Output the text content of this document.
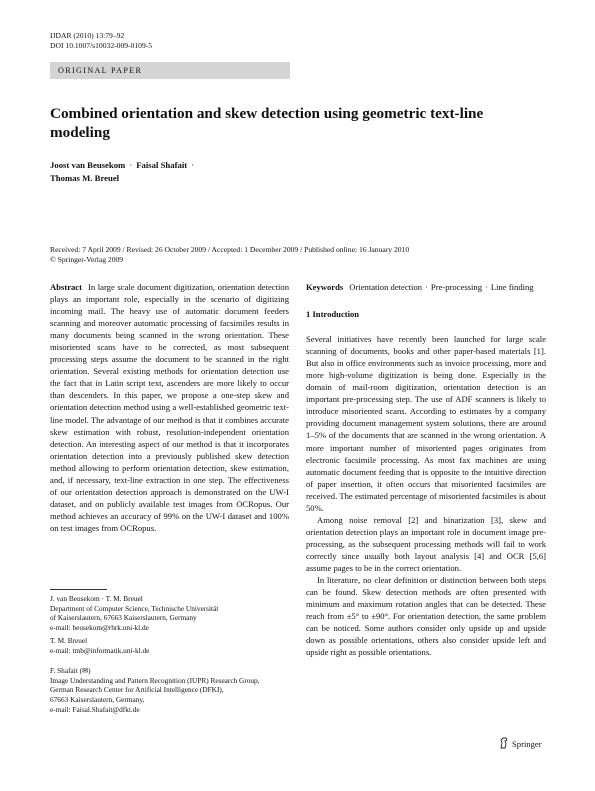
IJDAR (2010) 13:79–92
DOI 10.1007/s10032-009-0109-5
ORIGINAL PAPER
Combined orientation and skew detection using geometric text-line modeling
Joost van Beusekom · Faisal Shafait ·
Thomas M. Breuel
Received: 7 April 2009 / Revised: 26 October 2009 / Accepted: 1 December 2009 / Published online: 16 January 2010
© Springer-Verlag 2009

Abstract In large scale document digitization, orientation detection plays an important role, especially in the scenario of digitizing incoming mail. The heavy use of automatic document feeders scanning and moreover automatic processing of facsimiles results in many documents being scanned in the wrong orientation. These misoriented scans have to be corrected, as most subsequent processing steps assume the document to be scanned in the right orientation. Several existing methods for orientation detection use the fact that in Latin script text, ascenders are more likely to occur than descenders. In this paper, we propose a one-step skew and orientation detection method using a well-established geometric text-line model. The advantage of our method is that it combines accurate skew estimation with robust, resolution-independent orientation detection. An interesting aspect of our method is that it incorporates orientation detection into a previously published skew detection method allowing to perform orientation detection, skew estimation, and, if necessary, text-line extraction in one step. The effectiveness of our orientation detection approach is demonstrated on the UW-I dataset, and on publicly available test images from OCRopus. Our method achieves an accuracy of 99% on the UW-I dataset and 100% on test images from OCRopus.

Keywords Orientation detection · Pre-processing · Line finding

1 Introduction

Several initiatives have recently been launched for large scale scanning of documents, books and other paper-based materials [1]. But also in office environments such as invoice processing, more and more high-volume digitization is being done. Especially in the domain of mail-room digitization, orientation detection is an important pre-processing step. The use of ADF scanners is likely to introduce misoriented scans. According to estimates by a company providing document management system solutions, there are around 1–5% of the documents that are scanned in the wrong orientation. A more important number of misoriented pages originates from electronic facsimile processing. As most fax machines are using automatic document feeding that is opposite to the intuitive direction of paper insertion, it often occurs that misoriented facsimiles are received. The estimated percentage of misoriented facsimiles is about 50%.

Among noise removal [2] and binarization [3], skew and orientation detection plays an important role in document image pre-processing, as the subsequent processing methods will fail to work correctly since usually both layout analysis [4] and OCR [5,6] assume pages to be in the correct orientation.

In literature, no clear definition or distinction between both steps can be found. Skew detection methods are often presented with minimum and maximum rotation angles that can be detected. These reach from ±5° to ±90°. For orientation detection, the same problem can be noticed. Some authors consider only upside up and upside down as possible orientations, others also consider upside left and upside right as possible orientations.

J. van Beusekom · T. M. Breuel

Department of Computer Science, Technische Universität

of Kaiserslautern, 67663 Kaiserslautern, Germany

e-mail: beusekom@rhrk.uni-kl.de

T. M. Breuel

e-mail: tmb@informatik.uni-kl.de

F. Shafait (✉)

Image Understanding and Pattern Recognition (IUPR) Research Group,

German Research Center for Artificial Intelligence (DFKI),

67663 Kaiserslautern, Germany,

e-mail: Faisal.Shafait@dfki.de

Springer
